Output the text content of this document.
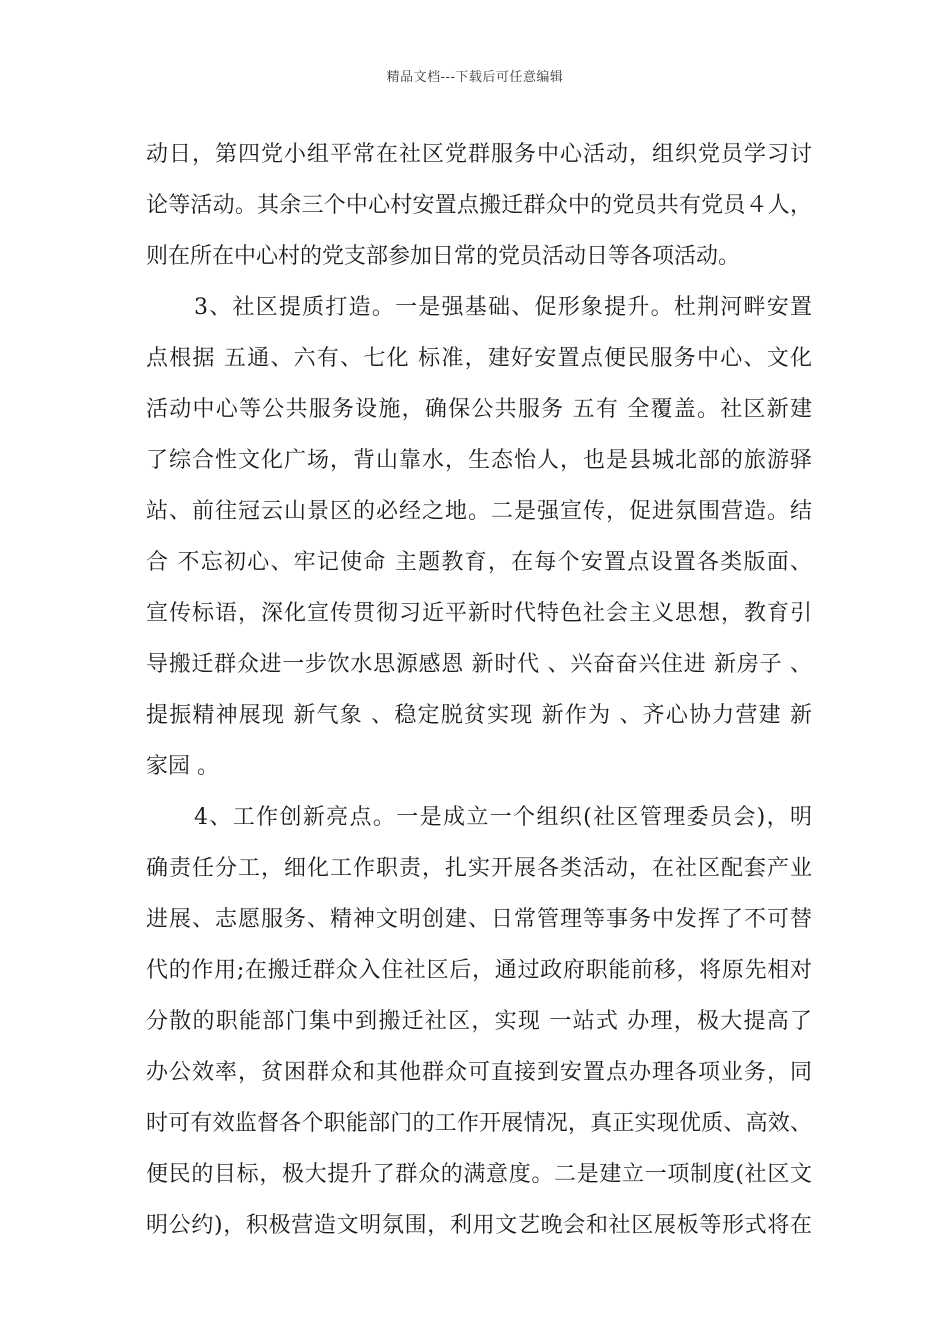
精品文档---下载后可任意编辑
动日，第四党小组平常在社区党群服务中心活动，组织党员学习讨
论等活动。其余三个中心村安置点搬迁群众中的党员共有党员４人，
则在所在中心村的党支部参加日常的党员活动日等各项活动。
3、社区提质打造。一是强基础、促形象提升。杜荆河畔安置
点根据 五通、六有、七化 标准，建好安置点便民服务中心、文化
活动中心等公共服务设施，确保公共服务 五有 全覆盖。社区新建
了综合性文化广场，背山靠水，生态怡人，也是县城北部的旅游驿
站、前往冠云山景区的必经之地。二是强宣传，促进氛围营造。结
合 不忘初心、牢记使命 主题教育，在每个安置点设置各类版面、
宣传标语，深化宣传贯彻习近平新时代特色社会主义思想，教育引
导搬迁群众进一步饮水思源感恩 新时代 、兴奋奋兴住进 新房子 、
提振精神展现 新气象 、稳定脱贫实现 新作为 、齐心协力营建 新
家园 。
4、工作创新亮点。一是成立一个组织(社区管理委员会)，明
确责任分工，细化工作职责，扎实开展各类活动，在社区配套产业
进展、志愿服务、精神文明创建、日常管理等事务中发挥了不可替
代的作用;在搬迁群众入住社区后，通过政府职能前移，将原先相对
分散的职能部门集中到搬迁社区，实现 一站式 办理，极大提高了
办公效率，贫困群众和其他群众可直接到安置点办理各项业务，同
时可有效监督各个职能部门的工作开展情况，真正实现优质、高效、
便民的目标，极大提升了群众的满意度。二是建立一项制度(社区文
明公约)，积极营造文明氛围，利用文艺晚会和社区展板等形式将在
